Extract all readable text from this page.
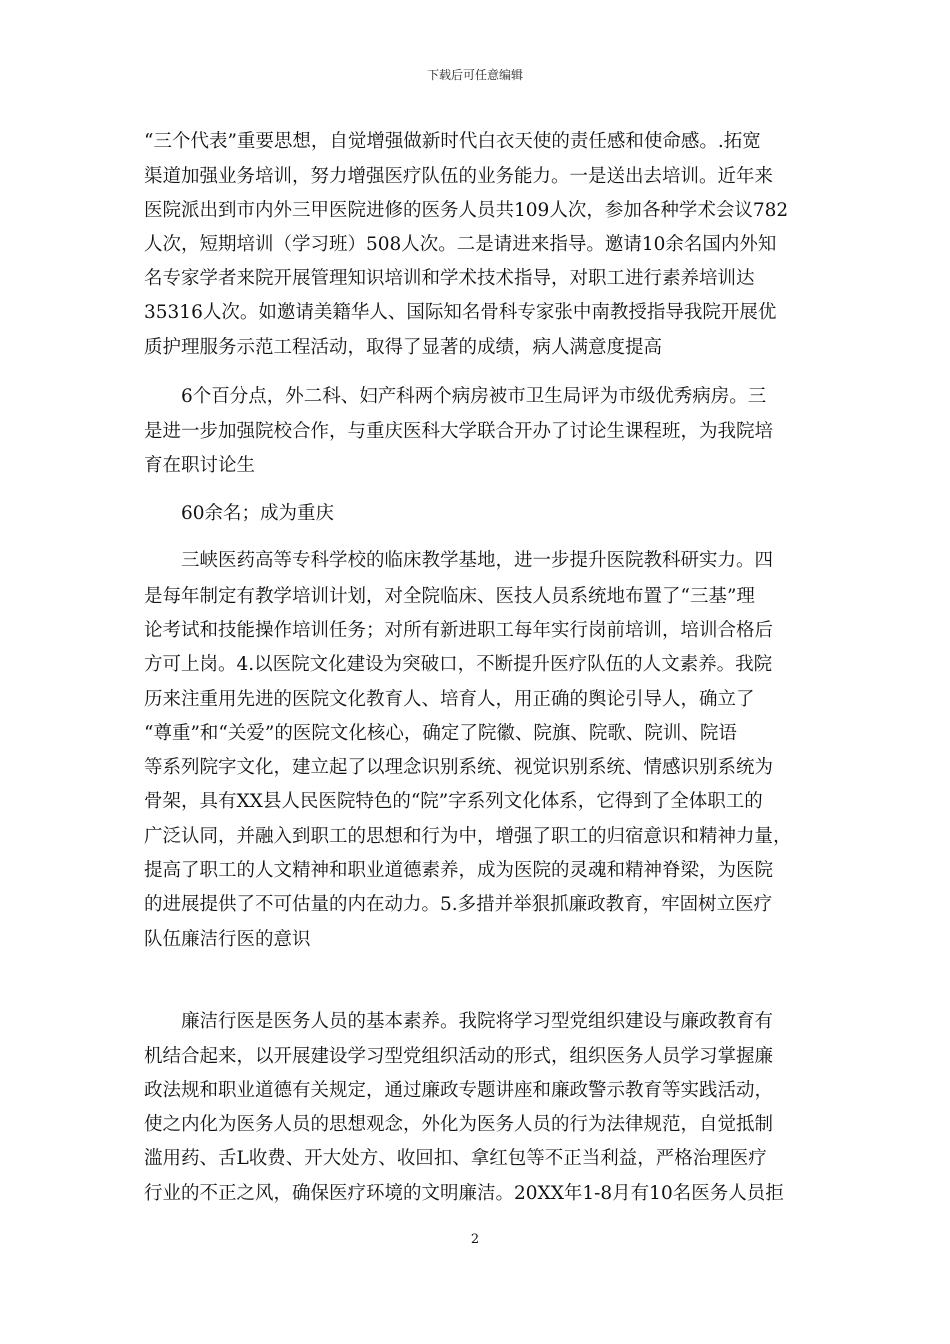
下载后可任意编辑
“三个代表”重要思想，自觉增强做新时代白衣天使的责任感和使命感。.拓宽
渠道加强业务培训，努力增强医疗队伍的业务能力。一是送出去培训。近年来
医院派出到市内外三甲医院进修的医务人员共109人次，参加各种学术会议782
人次，短期培训（学习班）508人次。二是请进来指导。邀请10余名国内外知
名专家学者来院开展管理知识培训和学术技术指导，对职工进行素养培训达
35316人次。如邀请美籍华人、国际知名骨科专家张中南教授指导我院开展优
质护理服务示范工程活动，取得了显著的成绩，病人满意度提高
6个百分点，外二科、妇产科两个病房被市卫生局评为市级优秀病房。三
是进一步加强院校合作，与重庆医科大学联合开办了讨论生课程班，为我院培
育在职讨论生
60余名；成为重庆
三峡医药高等专科学校的临床教学基地，进一步提升医院教科研实力。四
是每年制定有教学培训计划，对全院临床、医技人员系统地布置了“三基”理
论考试和技能操作培训任务；对所有新进职工每年实行岗前培训，培训合格后
方可上岗。4.以医院文化建设为突破口，不断提升医疗队伍的人文素养。我院
历来注重用先进的医院文化教育人、培育人，用正确的舆论引导人，确立了
“尊重”和“关爱”的医院文化核心，确定了院徽、院旗、院歌、院训、院语
等系列院字文化，建立起了以理念识别系统、视觉识别系统、情感识别系统为
骨架，具有XX县人民医院特色的“院”字系列文化体系，它得到了全体职工的
广泛认同，并融入到职工的思想和行为中，增强了职工的归宿意识和精神力量，
提高了职工的人文精神和职业道德素养，成为医院的灵魂和精神脊梁，为医院
的进展提供了不可估量的内在动力。5.多措并举狠抓廉政教育，牢固树立医疗
队伍廉洁行医的意识
廉洁行医是医务人员的基本素养。我院将学习型党组织建设与廉政教育有
机结合起来，以开展建设学习型党组织活动的形式，组织医务人员学习掌握廉
政法规和职业道德有关规定，通过廉政专题讲座和廉政警示教育等实践活动，
使之内化为医务人员的思想观念，外化为医务人员的行为法律规范，自觉抵制
滥用药、舌L收费、开大处方、收回扣、拿红包等不正当利益，严格治理医疗
行业的不正之风，确保医疗环境的文明廉洁。20XX年1-8月有10名医务人员拒
2
